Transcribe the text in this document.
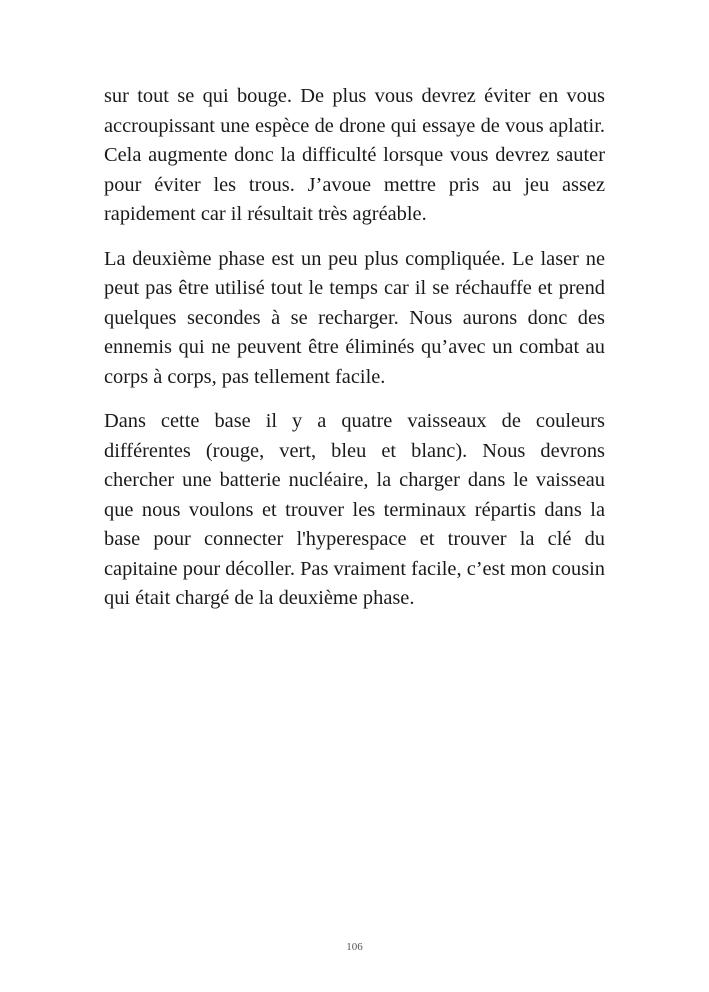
sur tout se qui bouge. De plus vous devrez éviter en vous accroupissant une espèce de drone qui essaye de vous aplatir. Cela augmente donc la difficulté lorsque vous devrez sauter pour éviter les trous. J’avoue mettre pris au jeu assez rapidement car il résultait très agréable.

La deuxième phase est un peu plus compliquée. Le laser ne peut pas être utilisé tout le temps car il se réchauffe et prend quelques secondes à se recharger. Nous aurons donc des ennemis qui ne peuvent être éliminés qu’avec un combat au corps à corps, pas tellement facile.

Dans cette base il y a quatre vaisseaux de couleurs différentes (rouge, vert, bleu et blanc). Nous devrons chercher une batterie nucléaire, la charger dans le vaisseau que nous voulons et trouver les terminaux répartis dans la base pour connecter l'hyperespace et trouver la clé du capitaine pour décoller. Pas vraiment facile, c’est mon cousin qui était chargé de la deuxième phase.

106
